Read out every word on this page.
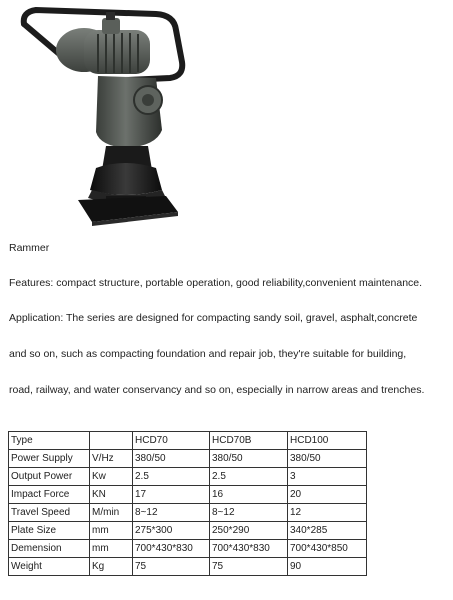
Rammer
Features: compact structure, portable operation, good reliability,convenient maintenance.
Application: The series are designed for compacting sandy soil, gravel, asphalt,concrete
and so on, such as compacting foundation and repair job, they're suitable for building,
road, railway, and water conservancy and so on, especially in narrow areas and trenches.
Type		HCD70	HCD70B	HCD100
Power Supply	V/Hz	380/50	380/50	380/50
Output Power	Kw	2.5	2.5	3
Impact Force	KN	17	16	20
Travel Speed	M/min	8~12	8~12	12
Plate Size	mm	275*300	250*290	340*285
Demension	mm	700*430*830	700*430*830	700*430*850
Weight	Kg	75	75	90
